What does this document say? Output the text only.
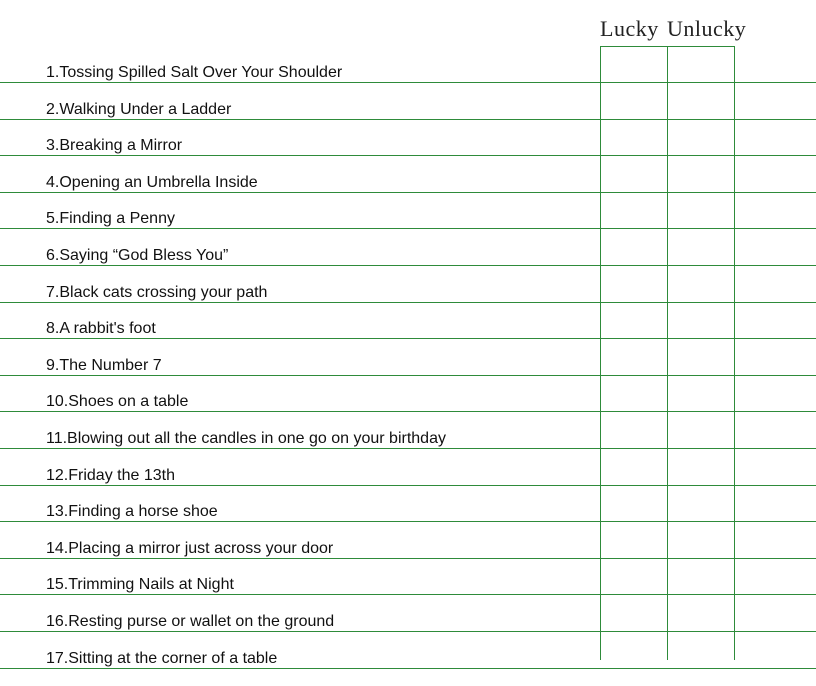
Lucky Unlucky
1.Tossing Spilled Salt Over Your Shoulder
2.Walking Under a Ladder
3.Breaking a Mirror
4.Opening an Umbrella Inside
5.Finding a Penny
6.Saying “God Bless You”
7.Black cats crossing your path
8.A rabbit's foot
9.The Number 7
10.Shoes on a table
11.Blowing out all the candles in one go on your birthday
12.Friday the 13th
13.Finding a horse shoe
14.Placing a mirror just across your door
15.Trimming Nails at Night
16.Resting purse or wallet on the ground
17.Sitting at the corner of a table
